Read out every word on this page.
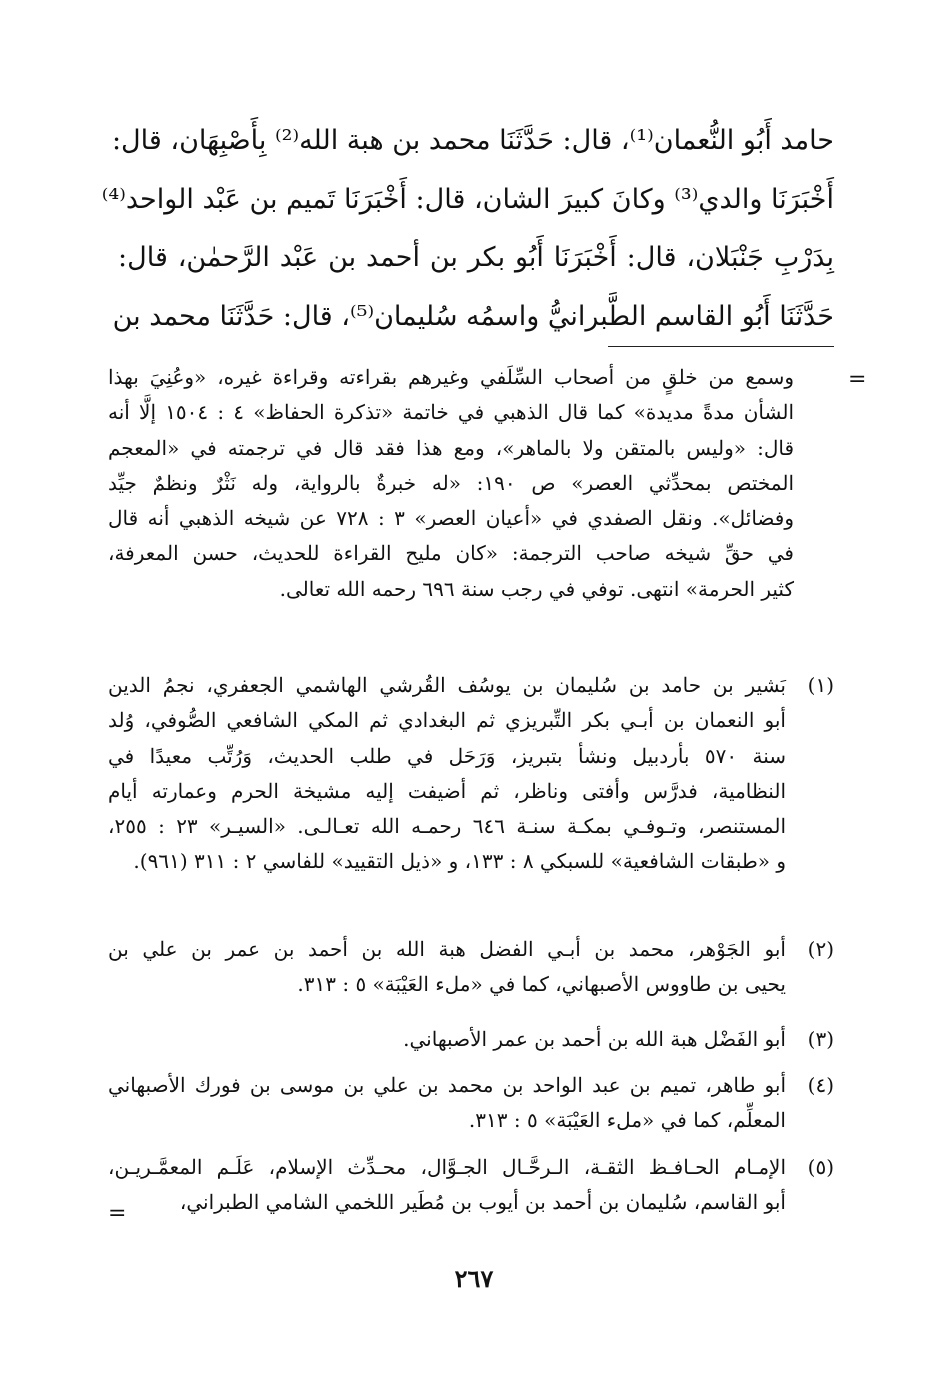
حامد أَبُو النُّعمان⁽¹⁾، قال: حَدَّثَنَا محمد بن هبة الله⁽²⁾ بِأَصْبِهَان، قال:
أَخْبَرَنَا والدي⁽³⁾ وكانَ كبيرَ الشان، قال: أَخْبَرَنَا تَميم بن عَبْد الواحد⁽⁴⁾
بِدَرْبِ جَنْبَلان، قال: أَخْبَرَنَا أَبُو بكر بن أحمد بن عَبْد الرَّحمٰن، قال:
حَدَّثَنَا أَبُو القاسم الطَّبرانيُّ واسمُه سُليمان⁽⁵⁾، قال: حَدَّثَنَا محمد بن
=
وسمع من خلقٍ من أصحاب السِّلَفي وغيرهم بقراءته وقراءة غيره، «وعُنِيَ بهذا
الشأن مدةً مديدة» كما قال الذهبي في خاتمة «تذكرة الحفاظ» ٤ : ١٥٠٤ إلَّا أنه
قال: «وليس بالمتقن ولا بالماهر»، ومع هذا فقد قال في ترجمته في «المعجم
المختص بمحدِّثي العصر» ص ١٩٠: «له خبرةٌ بالرواية، وله نَثْرٌ ونظمٌ جيِّد
وفضائل». ونقل الصفدي في «أعيان العصر» ٣ : ٧٢٨ عن شيخه الذهبي أنه قال
في حقِّ شيخه صاحب الترجمة: «كان مليح القراءة للحديث، حسن المعرفة،
كثير الحرمة» انتهى. توفي في رجب سنة ٦٩٦ رحمه الله تعالى.
(١)
بَشير بن حامد بن سُليمان بن يوسُف القُرشي الهاشمي الجعفري، نجمُ الدين
أبو النعمان بن أبـي بكر التِّبريزي ثم البغدادي ثم المكي الشافعي الصُّوفي، وُلد
سنة ٥٧٠ بأردبيل ونشأ بتبريز، وَرَحَل في طلب الحديث، وَرُتِّب معيدًا في
النظامية، فدرَّس وأفتى وناظر، ثم أضيفت إليه مشيخة الحرم وعمارته أيام
المستنصر، وتـوفـي بمكـة سنـة ٦٤٦ رحمـه الله تعـالـى. «السيـر» ٢٣ : ٢٥٥،
و «طبقات الشافعية» للسبكي ٨ : ١٣٣، و «ذيل التقييد» للفاسي ٢ : ٣١١ (٩٦١).
(٢)
أبو الجَوْهر، محمد بن أبـي الفضل هبة الله بن أحمد بن عمر بن علي بن
يحيى بن طاووس الأصبهاني، كما في «ملء العَيْبَة» ٥ : ٣١٣.
(٣)
أبو الفَضْل هبة الله بن أحمد بن عمر الأصبهاني.
(٤)
أبو طاهر، تميم بن عبد الواحد بن محمد بن علي بن موسى بن فورك الأصبهاني
المعلِّم، كما في «ملء العَيْبَة» ٥ : ٣١٣.
(٥)
الإمـام الحـافـظ الثقـة، الـرحَّـال الجـوَّال، محـدِّث الإسلام، عَلَـم المعمَّـريـن،
أبو القاسم، سُليمان بن أحمد بن أيوب بن مُطَير اللخمي الشامي الطبراني،
=
٢٦٧
